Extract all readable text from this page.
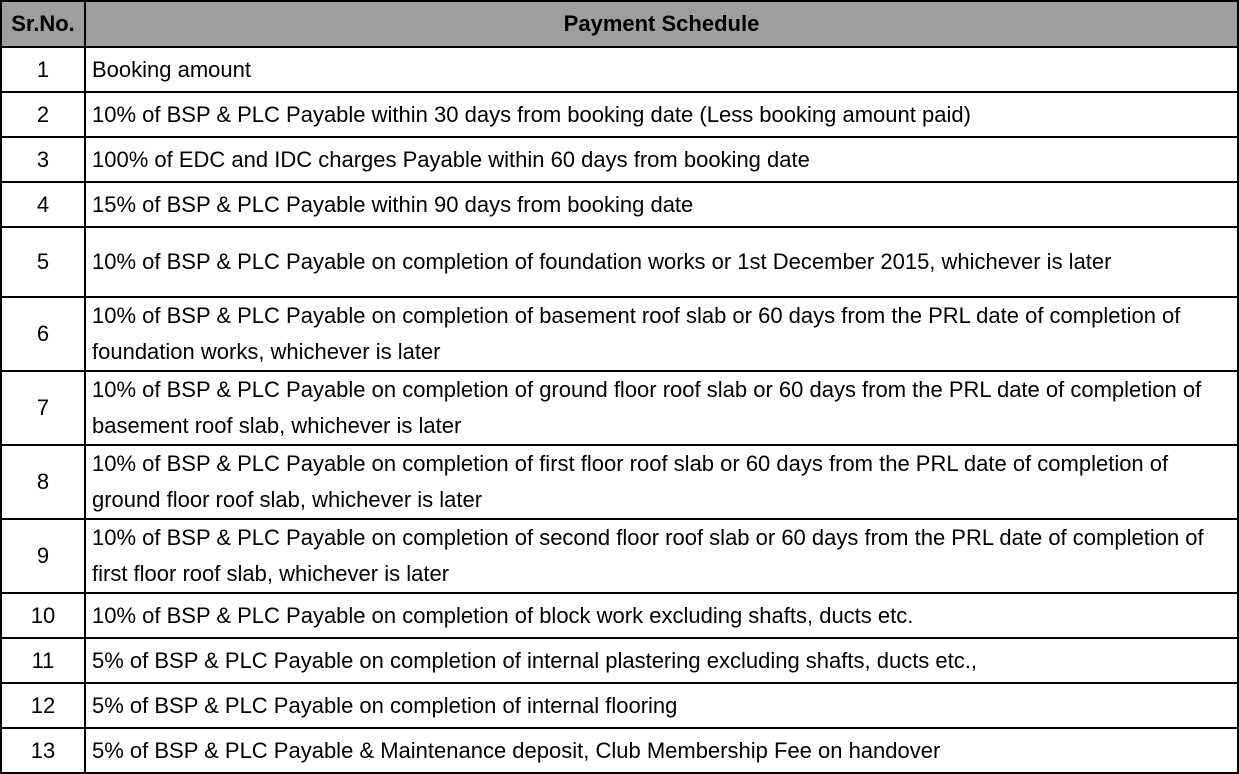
Sr.No.	Payment Schedule
1	Booking amount
2	10% of BSP & PLC Payable within 30 days from booking date (Less booking amount paid)
3	100% of EDC and IDC charges Payable within 60 days from booking date
4	15% of BSP & PLC Payable within 90 days from booking date
5	10% of BSP & PLC Payable on completion of foundation works or 1st December 2015, whichever is later
6	10% of BSP & PLC Payable on completion of basement roof slab or 60 days from the PRL date of completion of foundation works, whichever is later
7	10% of BSP & PLC Payable on completion of ground floor roof slab or 60 days from the PRL date of completion of basement roof slab, whichever is later
8	10% of BSP & PLC Payable on completion of first floor roof slab or 60 days from the PRL date of completion of ground floor roof slab, whichever is later
9	10% of BSP & PLC Payable on completion of second floor roof slab or 60 days from the PRL date of completion of first floor roof slab, whichever is later
10	10% of BSP & PLC Payable on completion of block work excluding shafts, ducts etc.
11	5% of BSP & PLC Payable on completion of internal plastering excluding shafts, ducts etc.,
12	5% of BSP & PLC Payable on completion of internal flooring
13	5% of BSP & PLC Payable & Maintenance deposit, Club Membership Fee on handover
